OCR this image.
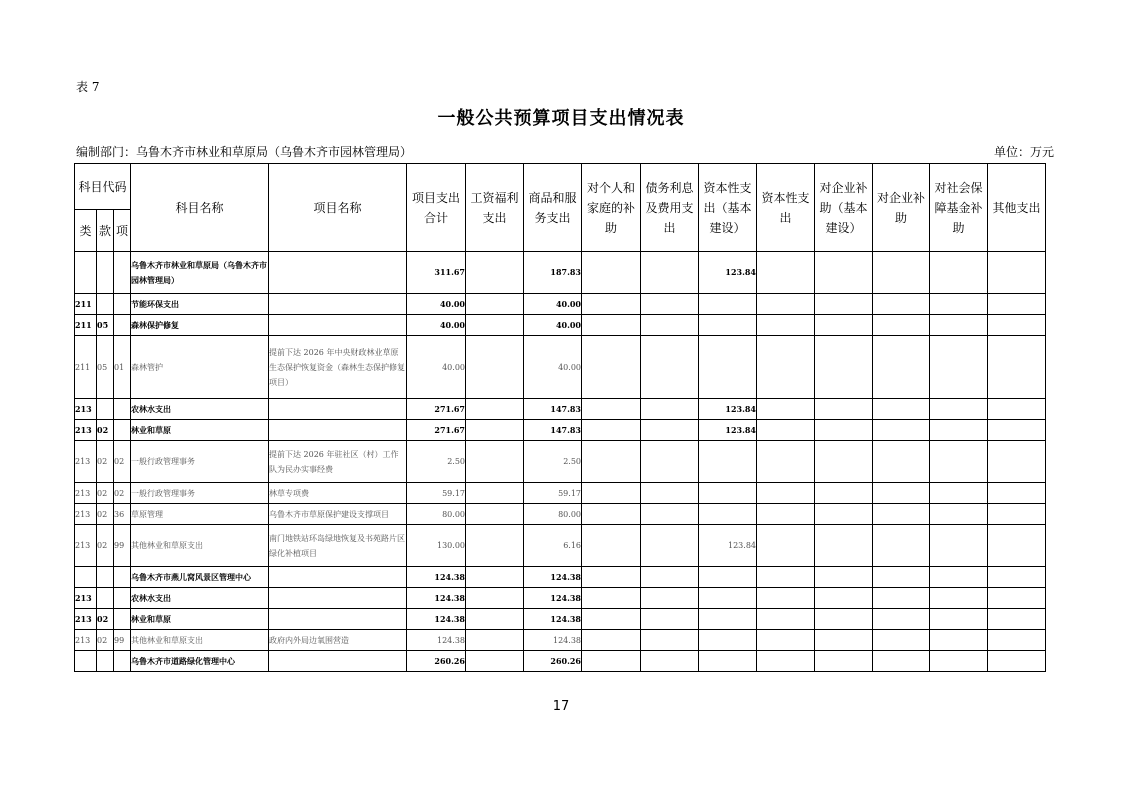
表 7
一般公共预算项目支出情况表
编制部门：乌鲁木齐市林业和草原局（乌鲁木齐市园林管理局）	单位：万元
科目代码			科目名称	项目名称	项目支出合计	工资福利支出	商品和服务支出	对个人和家庭的补助	债务利息及费用支出	资本性支出（基本建设）	资本性支出	对企业补助（基本建设）	对企业补助	对社会保障基金补助	其他支出
类	款	项													
			乌鲁木齐市林业和草原局（乌鲁木齐市园林管理局）		311.67		187.83			123.84					
211			节能环保支出		40.00		40.00								
211	05		森林保护修复		40.00		40.00								
211	05	01	森林管护	提前下达 2026 年中央财政林业草原生态保护恢复资金（森林生态保护修复项目）	40.00		40.00								
213			农林水支出		271.67		147.83			123.84					
213	02		林业和草原		271.67		147.83			123.84					
213	02	02	一般行政管理事务	提前下达 2026 年驻社区（村）工作队为民办实事经费	2.50		2.50								
213	02	02	一般行政管理事务	林草专项费	59.17		59.17								
213	02	36	草原管理	乌鲁木齐市草原保护建设支撑项目	80.00		80.00								
213	02	99	其他林业和草原支出	南门地铁站环岛绿地恢复及书苑路片区绿化补植项目	130.00		6.16			123.84					
			乌鲁木齐市燕儿窝风景区管理中心		124.38		124.38								
213			农林水支出		124.38		124.38								
213	02		林业和草原		124.38		124.38								
213	02	99	其他林业和草原支出	政府内外局边氧围营造	124.38		124.38								
			乌鲁木齐市道路绿化管理中心		260.26		260.26								
17
